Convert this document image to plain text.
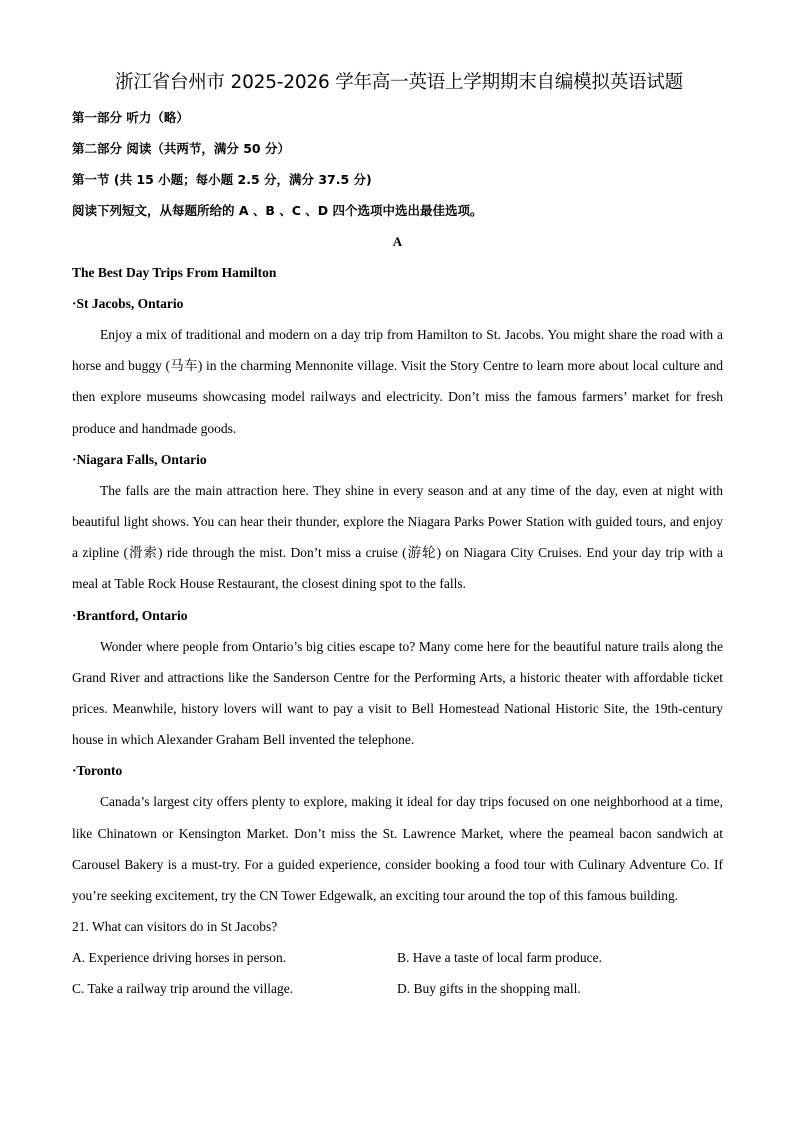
浙江省台州市 2025-2026 学年高一英语上学期期末自编模拟英语试题
第一部分 听力（略）
第二部分 阅读（共两节，满分 50 分）
第一节 (共 15 小题；每小题 2.5 分，满分 37.5 分)
阅读下列短文，从每题所给的 A 、B 、C 、D 四个选项中选出最佳选项。
A
The Best Day Trips From Hamilton
·St Jacobs, Ontario

Enjoy a mix of traditional and modern on a day trip from Hamilton to St. Jacobs. You might share the road with a horse and buggy (马车) in the charming Mennonite village. Visit the Story Centre to learn more about local culture and then explore museums showcasing model railways and electricity. Don’t miss the famous farmers’ market for fresh produce and handmade goods.

·Niagara Falls, Ontario

The falls are the main attraction here. They shine in every season and at any time of the day, even at night with beautiful light shows. You can hear their thunder, explore the Niagara Parks Power Station with guided tours, and enjoy a zipline (滑索) ride through the mist. Don’t miss a cruise (游轮) on Niagara City Cruises. End your day trip with a meal at Table Rock House Restaurant, the closest dining spot to the falls.

·Brantford, Ontario

Wonder where people from Ontario’s big cities escape to? Many come here for the beautiful nature trails along the Grand River and attractions like the Sanderson Centre for the Performing Arts, a historic theater with affordable ticket prices. Meanwhile, history lovers will want to pay a visit to Bell Homestead National Historic Site, the 19th-century house in which Alexander Graham Bell invented the telephone.

·Toronto

Canada’s largest city offers plenty to explore, making it ideal for day trips focused on one neighborhood at a time, like Chinatown or Kensington Market. Don’t miss the St. Lawrence Market, where the peameal bacon sandwich at Carousel Bakery is a must-try. For a guided experience, consider booking a food tour with Culinary Adventure Co. If you’re seeking excitement, try the CN Tower Edgewalk, an exciting tour around the top of this famous building.

21. What can visitors do in St Jacobs?
A. Experience driving horses in person.	B. Have a taste of local farm produce.
C. Take a railway trip around the village.	D. Buy gifts in the shopping mall.
